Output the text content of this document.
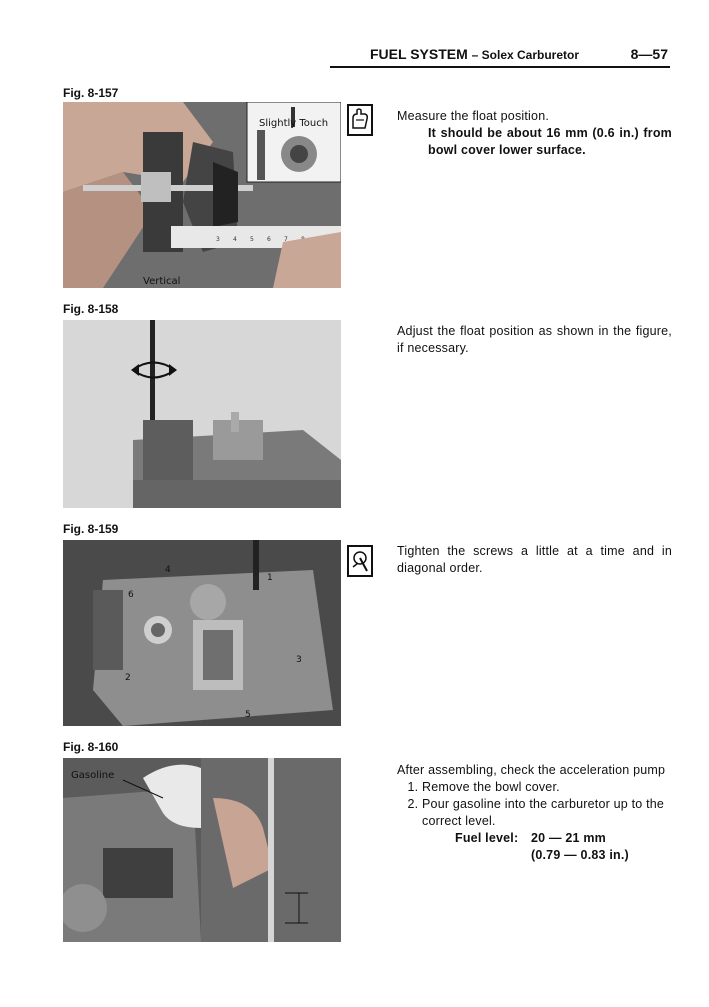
FUEL SYSTEM – Solex Carburetor	8—57
Fig. 8-157
3 4 5 6 7
Slightly Touch
Vertical

Measure the float position.

It should be about 16 mm (0.6 in.) from bowl cover lower surface.

Fig. 8-158

Adjust the float position as shown in the figure, if necessary.

Fig. 8-159
1
2
3
4
5
6

Tighten the screws a little at a time and in diagonal order.

Fig. 8-160
Gasoline	After assembling, check the acceleration pump

1. Remove the bowl cover.
2. Pour gasoline into the carburetor up to the correct level.
Fuel level:	20 — 21 mm
(0.79 — 0.83 in.)
